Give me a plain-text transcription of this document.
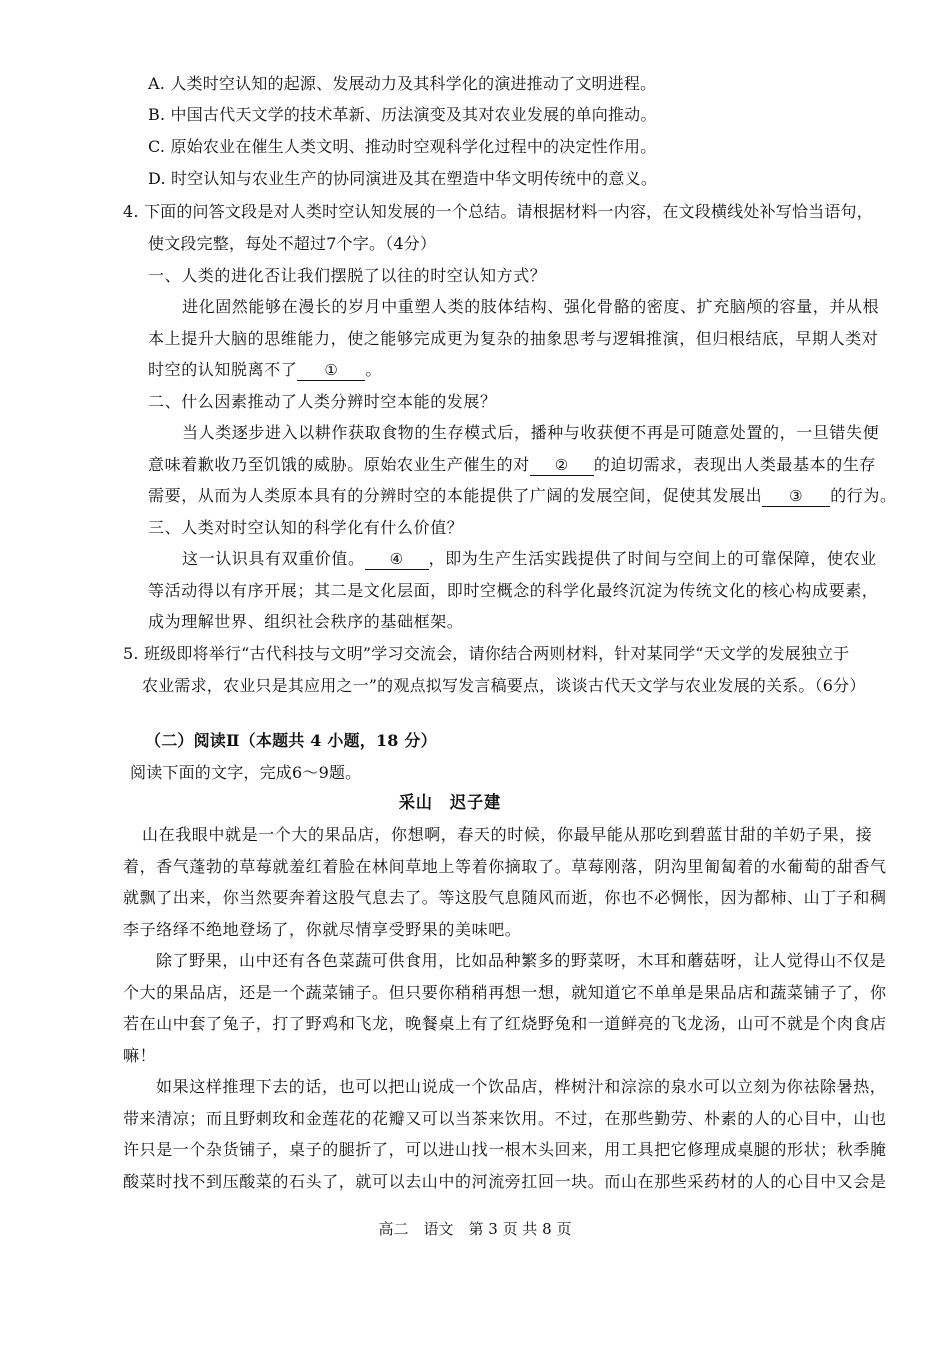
A. 人类时空认知的起源、发展动力及其科学化的演进推动了文明进程。
B. 中国古代天文学的技术革新、历法演变及其对农业发展的单向推动。
C. 原始农业在催生人类文明、推动时空观科学化过程中的决定性作用。
D. 时空认知与农业生产的协同演进及其在塑造中华文明传统中的意义。
4. 下面的问答文段是对人类时空认知发展的一个总结。请根据材料一内容，在文段横线处补写恰当语句，
使文段完整，每处不超过7个字。（4分）
一、人类的进化否让我们摆脱了以往的时空认知方式？
进化固然能够在漫长的岁月中重塑人类的肢体结构、强化骨骼的密度、扩充脑颅的容量，并从根
本上提升大脑的思维能力，使之能够完成更为复杂的抽象思考与逻辑推演，但归根结底，早期人类对
时空的认知脱离不了 ① 。
二、什么因素推动了人类分辨时空本能的发展？
当人类逐步进入以耕作获取食物的生存模式后，播种与收获便不再是可随意处置的，一旦错失便
意味着歉收乃至饥饿的威胁。原始农业生产催生的对 ② 的迫切需求，表现出人类最基本的生存
需要，从而为人类原本具有的分辨时空的本能提供了广阔的发展空间，促使其发展出 ③ 的行为。
三、人类对时空认知的科学化有什么价值？
这一认识具有双重价值。 ④ ，即为生产生活实践提供了时间与空间上的可靠保障，使农业
等活动得以有序开展；其二是文化层面，即时空概念的科学化最终沉淀为传统文化的核心构成要素，
成为理解世界、组织社会秩序的基础框架。
5. 班级即将举行“古代科技与文明”学习交流会，请你结合两则材料，针对某同学“天文学的发展独立于
农业需求，农业只是其应用之一”的观点拟写发言稿要点，谈谈古代天文学与农业发展的关系。（6分）
（二）阅读Ⅱ（本题共 4 小题，18 分）
阅读下面的文字，完成6～9题。
采山　迟子建
山在我眼中就是一个大的果品店，你想啊，春天的时候，你最早能从那吃到碧蓝甘甜的羊奶子果，接
着，香气蓬勃的草莓就羞红着脸在林间草地上等着你摘取了。草莓刚落，阴沟里匍匐着的水葡萄的甜香气
就飘了出来，你当然要奔着这股气息去了。等这股气息随风而逝，你也不必惆怅，因为都柿、山丁子和稠
李子络绎不绝地登场了，你就尽情享受野果的美味吧。
除了野果，山中还有各色菜蔬可供食用，比如品种繁多的野菜呀，木耳和蘑菇呀，让人觉得山不仅是
个大的果品店，还是一个蔬菜铺子。但只要你稍稍再想一想，就知道它不单单是果品店和蔬菜铺子了，你
若在山中套了兔子，打了野鸡和飞龙，晚餐桌上有了红烧野兔和一道鲜亮的飞龙汤，山可不就是个肉食店
嘛！
如果这样推理下去的话，也可以把山说成一个饮品店，桦树汁和淙淙的泉水可以立刻为你祛除暑热，
带来清凉；而且野刺玫和金莲花的花瓣又可以当茶来饮用。不过，在那些勤劳、朴素的人的心目中，山也
许只是一个杂货铺子，桌子的腿折了，可以进山找一根木头回来，用工具把它修理成桌腿的形状；秋季腌
酸菜时找不到压酸菜的石头了，就可以去山中的河流旁扛回一块。而山在那些采药材的人的心目中又会是
高二　语文　第 3 页 共 8 页
